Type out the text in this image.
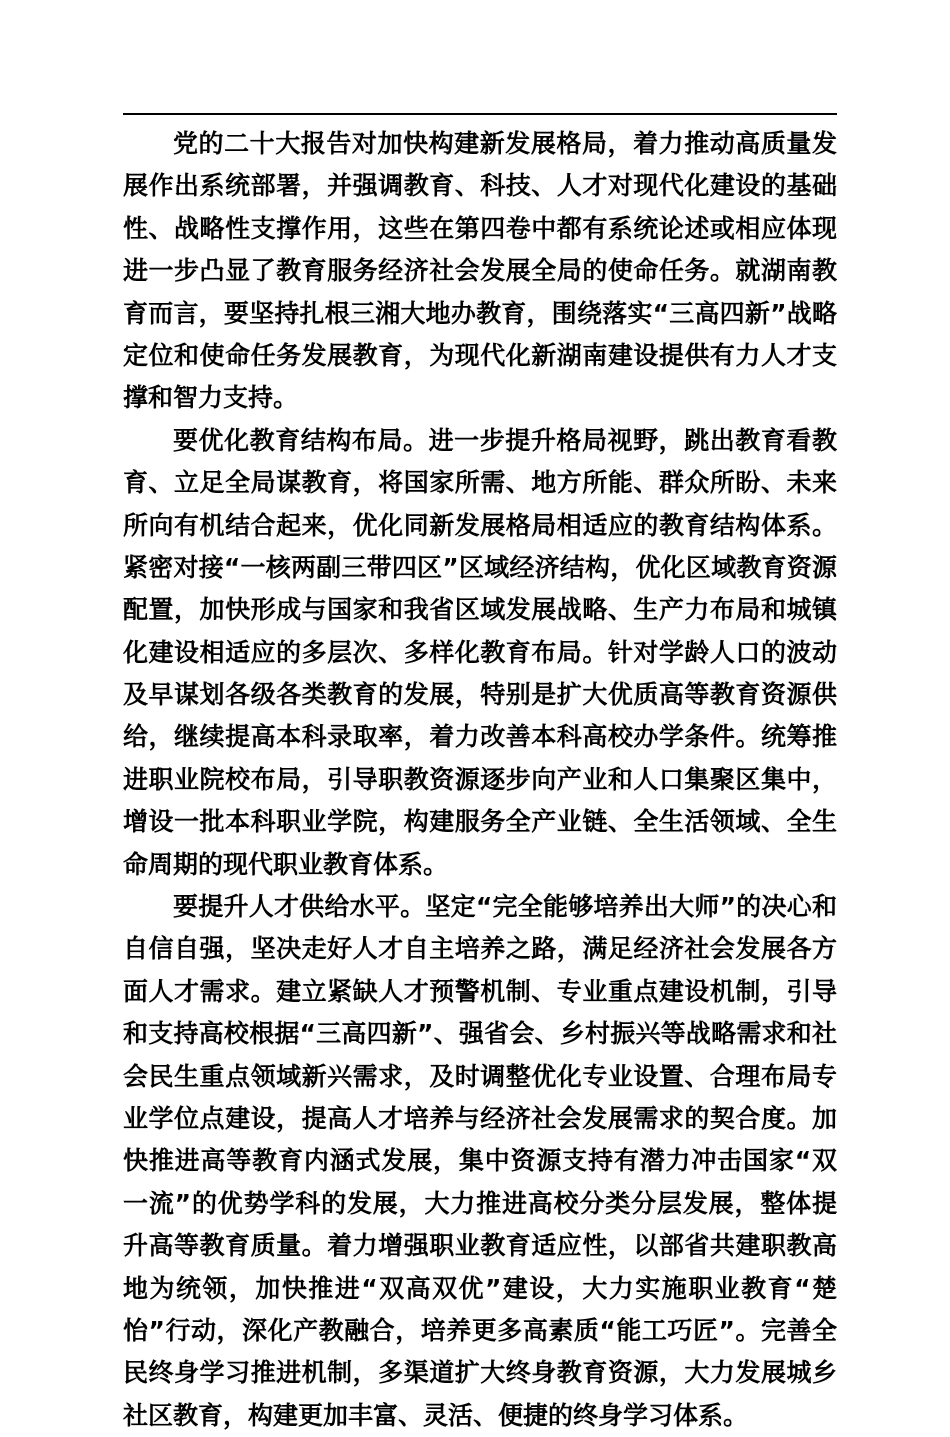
党的二十大报告对加快构建新发展格局，着力推动高质量发
展作出系统部署，并强调教育、科技、人才对现代化建设的基础
性、战略性支撑作用，这些在第四卷中都有系统论述或相应体现
进一步凸显了教育服务经济社会发展全局的使命任务。就湖南教
育而言，要坚持扎根三湘大地办教育，围绕落实“三高四新”战略
定位和使命任务发展教育，为现代化新湖南建设提供有力人才支
撑和智力支持。
要优化教育结构布局。进一步提升格局视野，跳出教育看教
育、立足全局谋教育，将国家所需、地方所能、群众所盼、未来
所向有机结合起来，优化同新发展格局相适应的教育结构体系。
紧密对接“一核两副三带四区”区域经济结构，优化区域教育资源
配置，加快形成与国家和我省区域发展战略、生产力布局和城镇
化建设相适应的多层次、多样化教育布局。针对学龄人口的波动
及早谋划各级各类教育的发展，特别是扩大优质高等教育资源供
给，继续提高本科录取率，着力改善本科高校办学条件。统筹推
进职业院校布局，引导职教资源逐步向产业和人口集聚区集中，
增设一批本科职业学院，构建服务全产业链、全生活领域、全生
命周期的现代职业教育体系。
要提升人才供给水平。坚定“完全能够培养出大师”的决心和
自信自强，坚决走好人才自主培养之路，满足经济社会发展各方
面人才需求。建立紧缺人才预警机制、专业重点建设机制，引导
和支持高校根据“三高四新”、强省会、乡村振兴等战略需求和社
会民生重点领域新兴需求，及时调整优化专业设置、合理布局专
业学位点建设，提高人才培养与经济社会发展需求的契合度。加
快推进高等教育内涵式发展，集中资源支持有潜力冲击国家“双
一流”的优势学科的发展，大力推进高校分类分层发展，整体提
升高等教育质量。着力增强职业教育适应性，以部省共建职教高
地为统领，加快推进“双高双优”建设，大力实施职业教育“楚
怡”行动，深化产教融合，培养更多高素质“能工巧匠”。完善全
民终身学习推进机制，多渠道扩大终身教育资源，大力发展城乡
社区教育，构建更加丰富、灵活、便捷的终身学习体系。
